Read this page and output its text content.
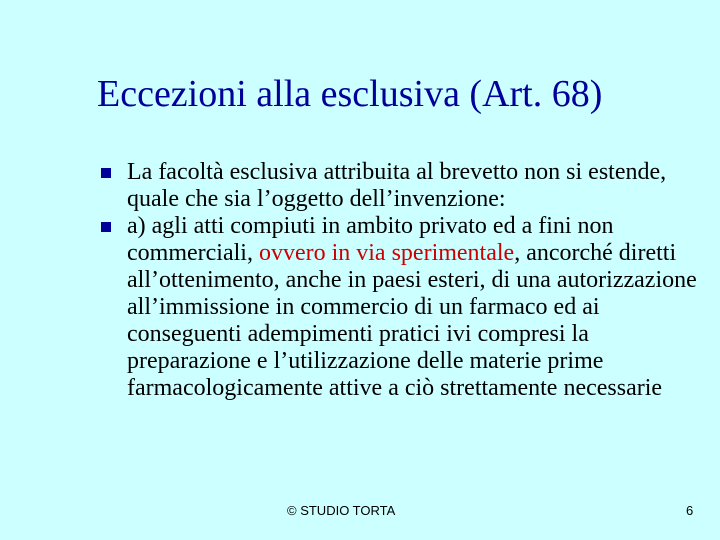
Eccezioni alla esclusiva (Art. 68)
La facoltà esclusiva attribuita al brevetto non si estende, quale che sia l’oggetto dell’invenzione:
a) agli atti compiuti in ambito privato ed a fini non commerciali, ovvero in via sperimentale, ancorché diretti all’ottenimento, anche in paesi esteri, di una autorizzazione all’immissione in commercio di un farmaco ed ai conseguenti adempimenti pratici ivi compresi la preparazione e l’utilizzazione delle materie prime farmacologicamente attive a ciò strettamente necessarie
© STUDIO TORTA	6
